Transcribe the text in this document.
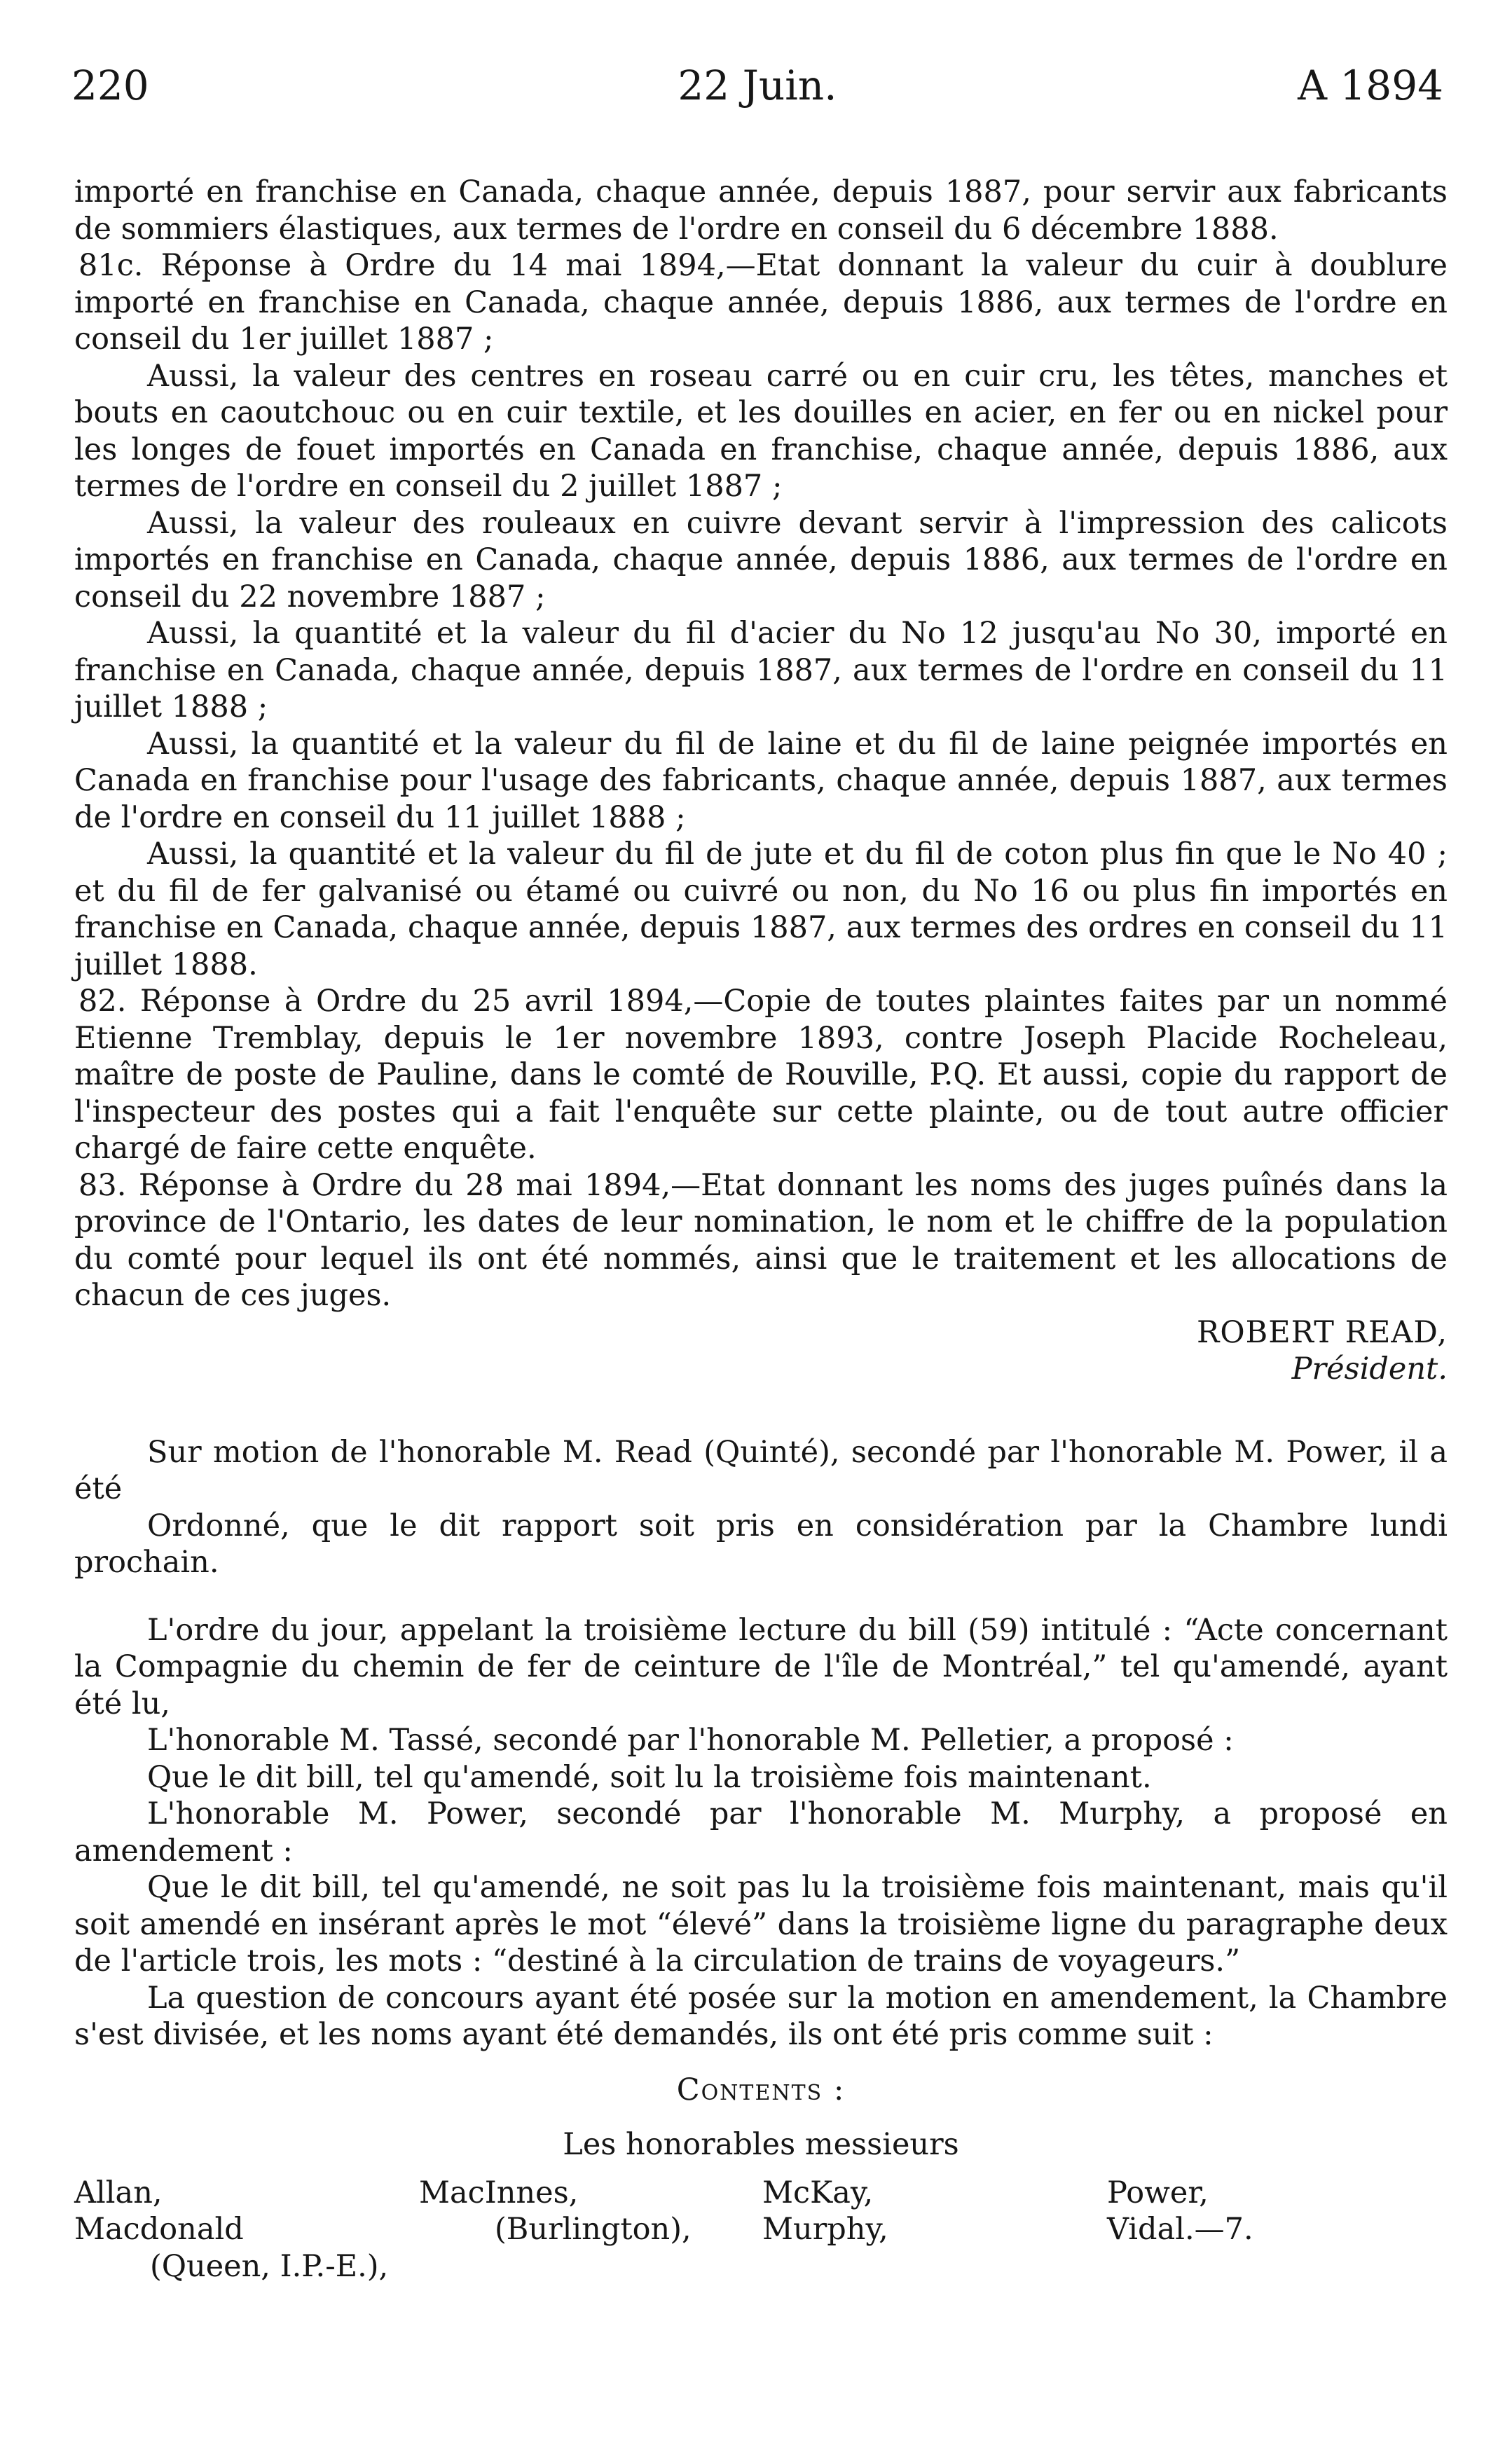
220	22 Juin.	A 1894

importé en franchise en Canada, chaque année, depuis 1887, pour servir aux fabricants de sommiers élastiques, aux termes de l'ordre en conseil du 6 décembre 1888.

81c. Réponse à Ordre du 14 mai 1894,—Etat donnant la valeur du cuir à doublure importé en franchise en Canada, chaque année, depuis 1886, aux termes de l'ordre en conseil du 1er juillet 1887 ;

Aussi, la valeur des centres en roseau carré ou en cuir cru, les têtes, manches et bouts en caoutchouc ou en cuir textile, et les douilles en acier, en fer ou en nickel pour les longes de fouet importés en Canada en franchise, chaque année, depuis 1886, aux termes de l'ordre en conseil du 2 juillet 1887 ;

Aussi, la valeur des rouleaux en cuivre devant servir à l'impression des calicots importés en franchise en Canada, chaque année, depuis 1886, aux termes de l'ordre en conseil du 22 novembre 1887 ;

Aussi, la quantité et la valeur du fil d'acier du No 12 jusqu'au No 30, importé en franchise en Canada, chaque année, depuis 1887, aux termes de l'ordre en conseil du 11 juillet 1888 ;

Aussi, la quantité et la valeur du fil de laine et du fil de laine peignée importés en Canada en franchise pour l'usage des fabricants, chaque année, depuis 1887, aux termes de l'ordre en conseil du 11 juillet 1888 ;

Aussi, la quantité et la valeur du fil de jute et du fil de coton plus fin que le No 40 ; et du fil de fer galvanisé ou étamé ou cuivré ou non, du No 16 ou plus fin importés en franchise en Canada, chaque année, depuis 1887, aux termes des ordres en conseil du 11 juillet 1888.

82. Réponse à Ordre du 25 avril 1894,—Copie de toutes plaintes faites par un nommé Etienne Tremblay, depuis le 1er novembre 1893, contre Joseph Placide Rocheleau, maître de poste de Pauline, dans le comté de Rouville, P.Q. Et aussi, copie du rapport de l'inspecteur des postes qui a fait l'enquête sur cette plainte, ou de tout autre officier chargé de faire cette enquête.

83. Réponse à Ordre du 28 mai 1894,—Etat donnant les noms des juges puînés dans la province de l'Ontario, les dates de leur nomination, le nom et le chiffre de la population du comté pour lequel ils ont été nommés, ainsi que le traitement et les allocations de chacun de ces juges.

ROBERT READ,

Président.

Sur motion de l'honorable M. Read (Quinté), secondé par l'honorable M. Power, il a été

Ordonné, que le dit rapport soit pris en considération par la Chambre lundi prochain.

L'ordre du jour, appelant la troisième lecture du bill (59) intitulé : “Acte concernant la Compagnie du chemin de fer de ceinture de l'île de Montréal,” tel qu'amendé, ayant été lu,

L'honorable M. Tassé, secondé par l'honorable M. Pelletier, a proposé :

Que le dit bill, tel qu'amendé, soit lu la troisième fois maintenant.

L'honorable M. Power, secondé par l'honorable M. Murphy, a proposé en amendement :

Que le dit bill, tel qu'amendé, ne soit pas lu la troisième fois maintenant, mais qu'il soit amendé en insérant après le mot “élevé” dans la troisième ligne du paragraphe deux de l'article trois, les mots : “destiné à la circulation de trains de voyageurs.”

La question de concours ayant été posée sur la motion en amendement, la Chambre s'est divisée, et les noms ayant été demandés, ils ont été pris comme suit :

Contents :

Les honorables messieurs

Allan,
Macdonald
(Queen, I.P.-E.),
MacInnes,
(Burlington),
McKay,
Murphy,
Power,
Vidal.—7.
